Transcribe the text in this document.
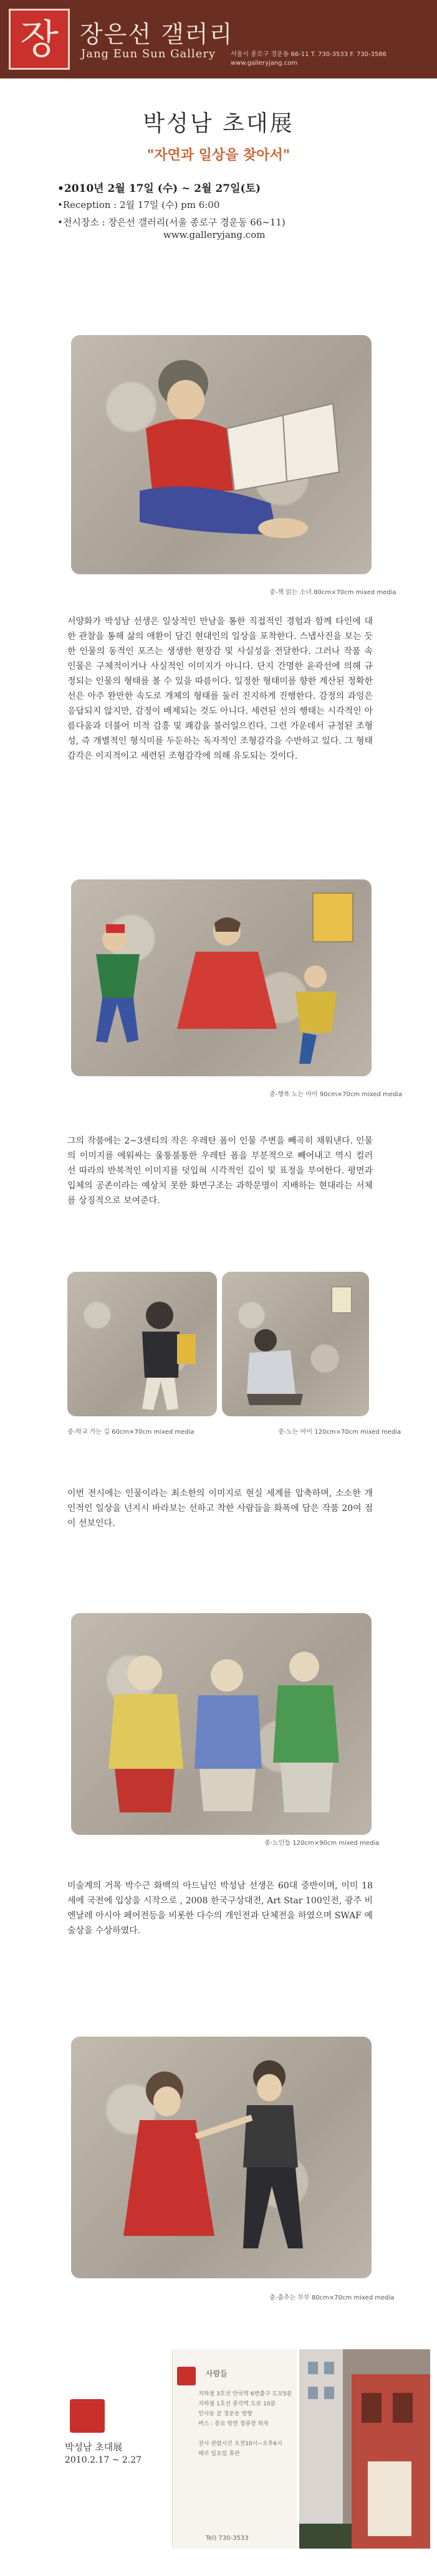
장 장은선 갤러리
Jang Eun Sun Gallery 서울시 종로구 경운동 66-11 T. 730-3533 F. 730-3586
www.galleryjang.com
박성남 초대展
"자연과 일상을 찾아서"
•2010년 2월 17일 (수) ~ 2월 27일(토)
•Reception : 2월 17일 (수) pm 6:00
•전시장소 : 장은선 갤러리(서울 종로구 경운동 66~11)
www.galleryjang.com
중-책 읽는 소녀 80cm×70cm mixed media
서양화가 박성남 선생은 일상적인 만남을 통한 직접적인 경험과 함께 타인에 대한 관찰을 통해 삶의 애환이 담긴 현대인의 일상을 포착한다. 스냅사진을 보는 듯한 인물의 동적인 포즈는 생생한 현장감 및 사실성을 전달한다. 그러나 작품 속 인물은 구체적이거나 사실적인 이미지가 아니다. 단지 간명한 윤곽선에 의해 규정되는 인물의 형태를 볼 수 있을 따름이다. 일정한 형태미를 향한 계산된 정확한 선은 아주 완만한 속도로 개체의 형태를 둘러 진지하게 진행한다. 감정의 과잉은 응답되지 않지만, 감정이 배제되는 것도 아니다. 세련된 선의 행태는 시각적인 아름다움과 더불어 미적 감흥 및 쾌감을 불러일으킨다. 그런 가운데서 규정된 조형성, 즉 개별적인 형식미를 두둔하는 독자적인 조형감각을 수반하고 있다. 그 형태감각은 이지적이고 세련된 조형감각에 의해 유도되는 것이다.
중-행복 노는 아이 90cm×70cm mixed media
그의 작품에는 2~3센티의 작은 우레탄 폼이 인물 주변을 빼곡히 채워낸다. 인물의 이미지를 에워싸는 울퉁불퉁한 우레탄 폼을 부분적으로 빼어내고 역시 컬러 선 따라의 반복적인 이미지를 덧입혀 시각적인 깊이 및 표정을 부여한다. 평면과 입체의 공존이라는 예상치 못한 화면구조는 과학문명이 지배하는 현대라는 서체를 상징적으로 보여준다.
중-학교 가는 길 60cm×70cm mixed media	중-노는 아이 120cm×70cm mixed media
이번 전시에는 인물이라는 최소한의 이미지로 현실 세계를 압축하며, 소소한 개인적인 일상을 넌지시 바라보는 선하고 착한 사람들을 화폭에 담은 작품 20여 점이 선보인다.
중-노인들 120cm×90cm mixed media
미술계의 거목 박수근 화백의 아드님인 박성남 선생은 60대 중반이며, 이미 18세에 국전에 입상을 시작으로 , 2008 한국구상대전, Art Star 100인전, 광주 비엔날레 아시아 페어전등을 비롯한 다수의 개인전과 단체전을 하였으며 SWAF 예술상을 수상하였다.
중-춤추는 부부 80cm×70cm mixed media
박성남 초대展
2010.2.17 ~ 2.27
사람들
지하철 3호선 안국역 6번출구 도보5분
지하철 1호선 종각역 도보 10분
인사동 끝 경운동 방향
버스 : 종로 방면 정류장 하차
전시 관람시간 오전10시~오후6시
매주 일요일 휴관
Tel) 730-3533
